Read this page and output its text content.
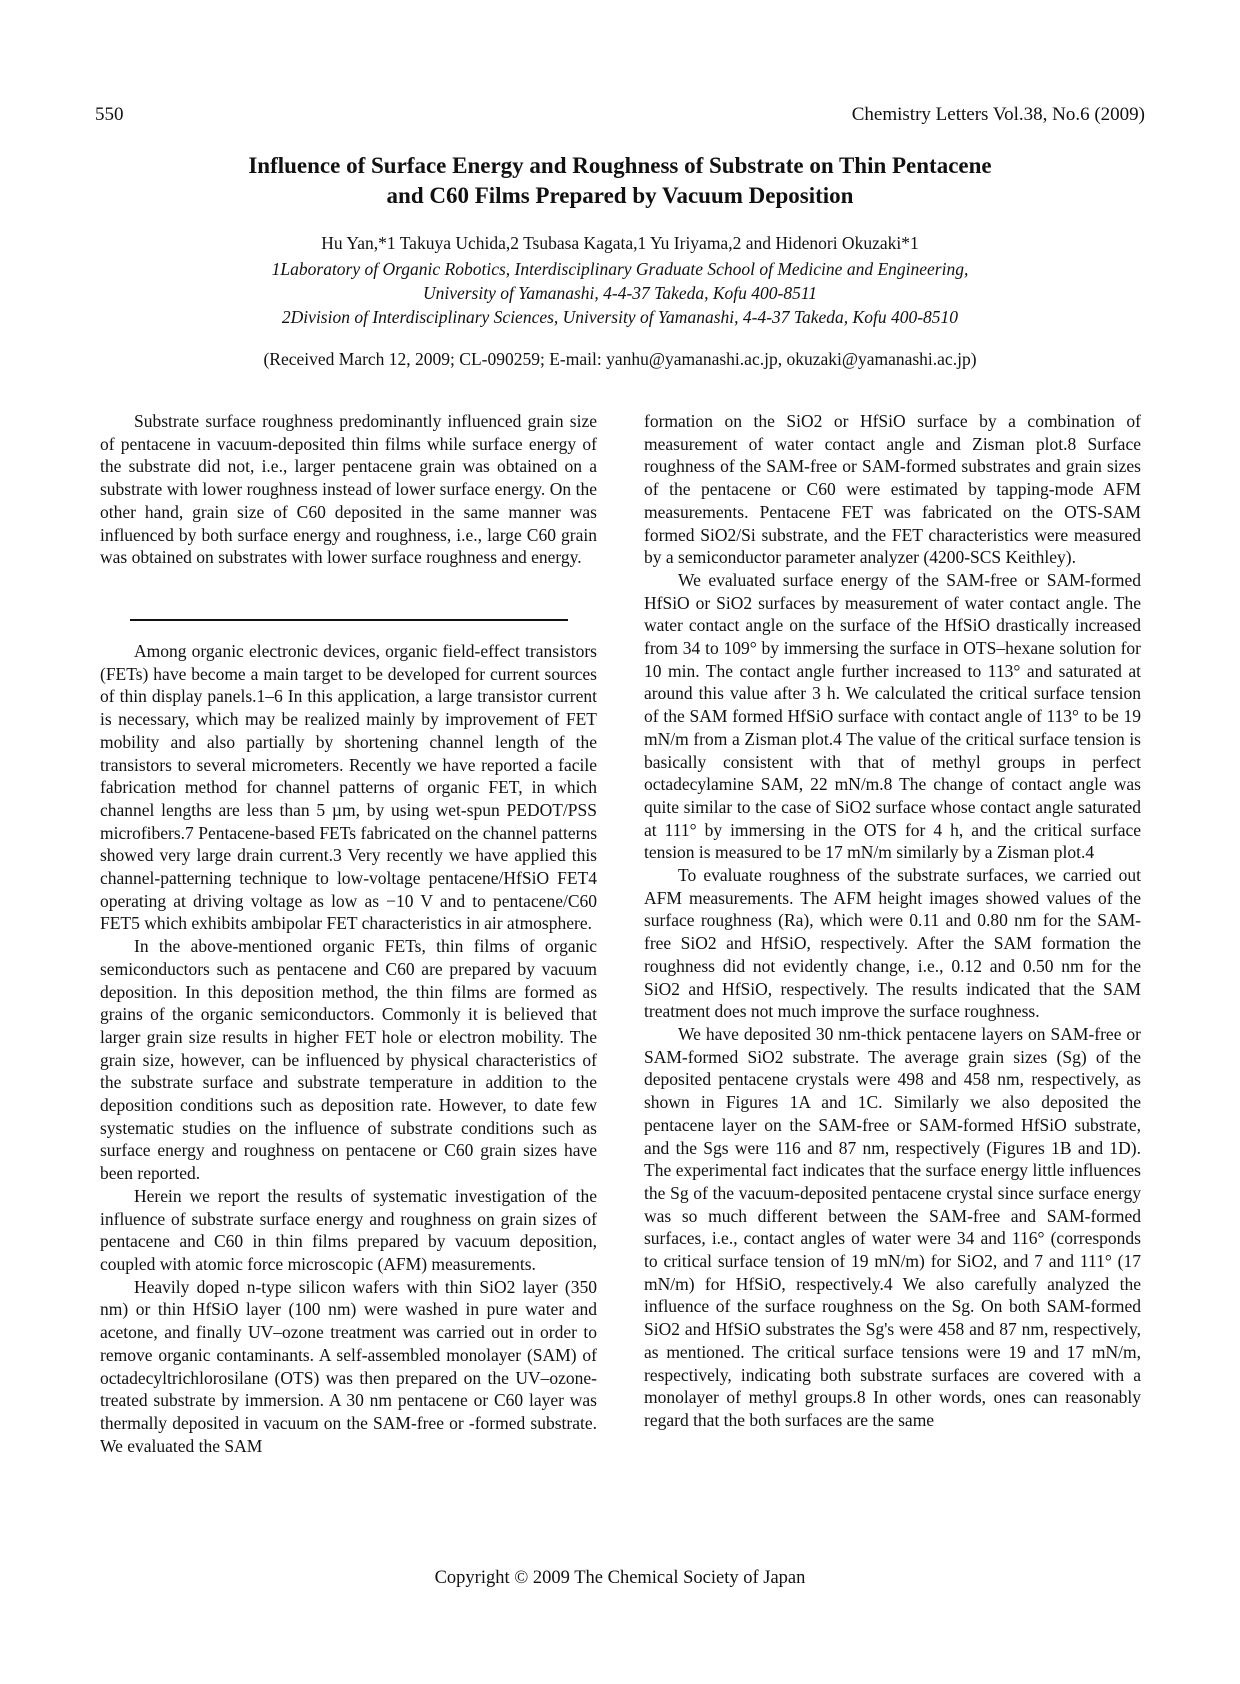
550	Chemistry Letters Vol.38, No.6 (2009)
Influence of Surface Energy and Roughness of Substrate on Thin Pentacene
and C60 Films Prepared by Vacuum Deposition
Hu Yan,*1 Takuya Uchida,2 Tsubasa Kagata,1 Yu Iriyama,2 and Hidenori Okuzaki*1
1Laboratory of Organic Robotics, Interdisciplinary Graduate School of Medicine and Engineering,
University of Yamanashi, 4-4-37 Takeda, Kofu 400-8511
2Division of Interdisciplinary Sciences, University of Yamanashi, 4-4-37 Takeda, Kofu 400-8510
(Received March 12, 2009; CL-090259; E-mail: yanhu@yamanashi.ac.jp, okuzaki@yamanashi.ac.jp)

Substrate surface roughness predominantly influenced grain size of pentacene in vacuum-deposited thin films while surface energy of the substrate did not, i.e., larger pentacene grain was obtained on a substrate with lower roughness instead of lower surface energy. On the other hand, grain size of C60 deposited in the same manner was influenced by both surface energy and roughness, i.e., large C60 grain was obtained on substrates with lower surface roughness and energy.

Among organic electronic devices, organic field-effect transistors (FETs) have become a main target to be developed for current sources of thin display panels.1–6 In this application, a large transistor current is necessary, which may be realized mainly by improvement of FET mobility and also partially by shortening channel length of the transistors to several micrometers. Recently we have reported a facile fabrication method for channel patterns of organic FET, in which channel lengths are less than 5 µm, by using wet-spun PEDOT/PSS microfibers.7 Pentacene-based FETs fabricated on the channel patterns showed very large drain current.3 Very recently we have applied this channel-patterning technique to low-voltage pentacene/HfSiO FET4 operating at driving voltage as low as −10 V and to pentacene/C60 FET5 which exhibits ambipolar FET characteristics in air atmosphere.

In the above-mentioned organic FETs, thin films of organic semiconductors such as pentacene and C60 are prepared by vacuum deposition. In this deposition method, the thin films are formed as grains of the organic semiconductors. Commonly it is believed that larger grain size results in higher FET hole or electron mobility. The grain size, however, can be influenced by physical characteristics of the substrate surface and substrate temperature in addition to the deposition conditions such as deposition rate. However, to date few systematic studies on the influence of substrate conditions such as surface energy and roughness on pentacene or C60 grain sizes have been reported.

Herein we report the results of systematic investigation of the influence of substrate surface energy and roughness on grain sizes of pentacene and C60 in thin films prepared by vacuum deposition, coupled with atomic force microscopic (AFM) measurements.

Heavily doped n-type silicon wafers with thin SiO2 layer (350 nm) or thin HfSiO layer (100 nm) were washed in pure water and acetone, and finally UV–ozone treatment was carried out in order to remove organic contaminants. A self-assembled monolayer (SAM) of octadecyltrichlorosilane (OTS) was then prepared on the UV–ozone-treated substrate by immersion. A 30 nm pentacene or C60 layer was thermally deposited in vacuum on the SAM-free or -formed substrate. We evaluated the SAM

formation on the SiO2 or HfSiO surface by a combination of measurement of water contact angle and Zisman plot.8 Surface roughness of the SAM-free or SAM-formed substrates and grain sizes of the pentacene or C60 were estimated by tapping-mode AFM measurements. Pentacene FET was fabricated on the OTS-SAM formed SiO2/Si substrate, and the FET characteristics were measured by a semiconductor parameter analyzer (4200-SCS Keithley).

We evaluated surface energy of the SAM-free or SAM-formed HfSiO or SiO2 surfaces by measurement of water contact angle. The water contact angle on the surface of the HfSiO drastically increased from 34 to 109° by immersing the surface in OTS–hexane solution for 10 min. The contact angle further increased to 113° and saturated at around this value after 3 h. We calculated the critical surface tension of the SAM formed HfSiO surface with contact angle of 113° to be 19 mN/m from a Zisman plot.4 The value of the critical surface tension is basically consistent with that of methyl groups in perfect octadecylamine SAM, 22 mN/m.8 The change of contact angle was quite similar to the case of SiO2 surface whose contact angle saturated at 111° by immersing in the OTS for 4 h, and the critical surface tension is measured to be 17 mN/m similarly by a Zisman plot.4

To evaluate roughness of the substrate surfaces, we carried out AFM measurements. The AFM height images showed values of the surface roughness (Ra), which were 0.11 and 0.80 nm for the SAM-free SiO2 and HfSiO, respectively. After the SAM formation the roughness did not evidently change, i.e., 0.12 and 0.50 nm for the SiO2 and HfSiO, respectively. The results indicated that the SAM treatment does not much improve the surface roughness.

We have deposited 30 nm-thick pentacene layers on SAM-free or SAM-formed SiO2 substrate. The average grain sizes (Sg) of the deposited pentacene crystals were 498 and 458 nm, respectively, as shown in Figures 1A and 1C. Similarly we also deposited the pentacene layer on the SAM-free or SAM-formed HfSiO substrate, and the Sgs were 116 and 87 nm, respectively (Figures 1B and 1D). The experimental fact indicates that the surface energy little influences the Sg of the vacuum-deposited pentacene crystal since surface energy was so much different between the SAM-free and SAM-formed surfaces, i.e., contact angles of water were 34 and 116° (corresponds to critical surface tension of 19 mN/m) for SiO2, and 7 and 111° (17 mN/m) for HfSiO, respectively.4 We also carefully analyzed the influence of the surface roughness on the Sg. On both SAM-formed SiO2 and HfSiO substrates the Sg's were 458 and 87 nm, respectively, as mentioned. The critical surface tensions were 19 and 17 mN/m, respectively, indicating both substrate surfaces are covered with a monolayer of methyl groups.8 In other words, ones can reasonably regard that the both surfaces are the same

Copyright © 2009 The Chemical Society of Japan
